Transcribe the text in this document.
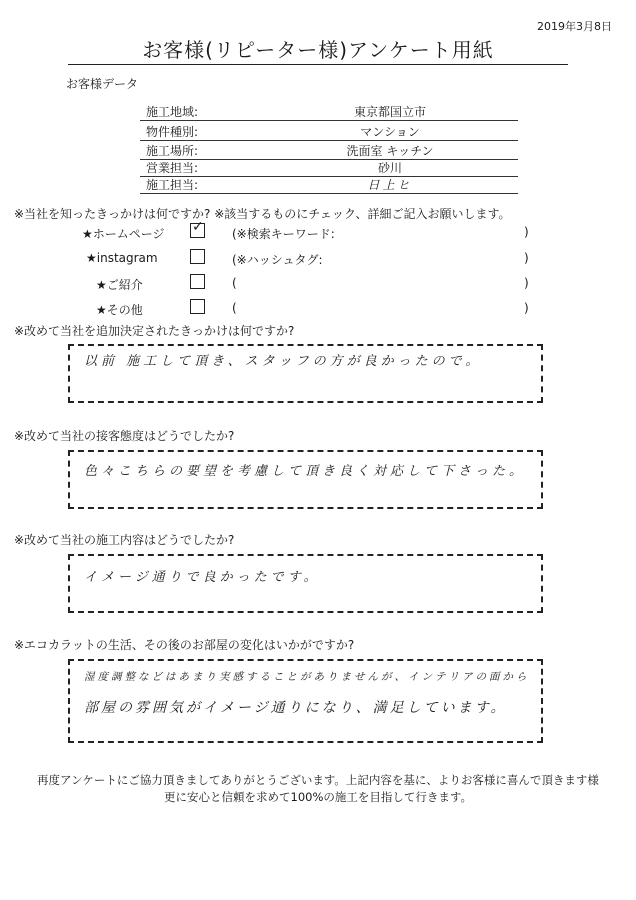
2019年3月8日
お客様(リピーター様)アンケート用紙
お客様データ
施工地域:	東京都国立市
物件種別:	マンション
施工場所:	洗面室 キッチン
営業担当:	砂川
施工担当:	日上ヒ
※当社を知ったきっかけは何ですか? ※該当するものにチェック、詳細ご記入お願いします。
★ホームページ ✓ (※検索キーワード:	)
★instagram	(※ハッシュタグ:	)
★ご紹介	(	)
★その他	(	)
※改めて当社を追加決定されたきっかけは何ですか?
以前 施工して頂き、スタッフの方が良かったので。
※改めて当社の接客態度はどうでしたか?
色々こちらの要望を考慮して頂き良く対応して下さった。
※改めて当社の施工内容はどうでしたか?
イメージ通りで良かったです。
※エコカラットの生活、その後のお部屋の変化はいかがですか?
湿度調整などはあまり実感することがありませんが、インテリアの面から
部屋の雰囲気がイメージ通りになり、満足しています。
再度アンケートにご協力頂きましてありがとうございます。上記内容を基に、よりお客様に喜んで頂きます様
更に安心と信頼を求めて100%の施工を目指して行きます。
